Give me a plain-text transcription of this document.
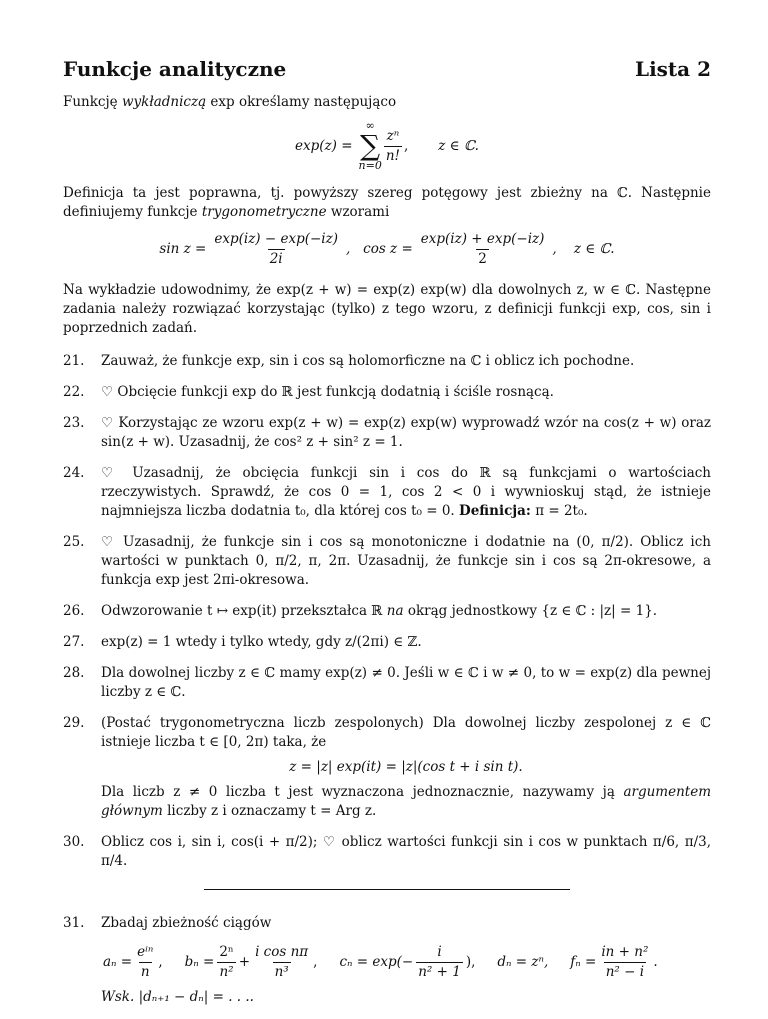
Funkcje analityczne	Lista 2

Funkcję wykładniczą exp określamy następująco

exp(z) =
∞
∑
$n=0 \frac{\text{zⁿ}}{n!}$ , z ∈ ℂ.

Definicja ta jest poprawna, tj. powyższy szereg potęgowy jest zbieżny na ℂ. Następnie definiujemy funkcje trygonometryczne wzorami

$\sin z = \frac{\exp(iz) - \exp(-iz)}{2i}$ ,   $\cos z = \frac{\exp(iz) + \exp(-iz)}{2}$ ,    z ∈ ℂ.

Na wykładzie udowodnimy, że exp(z + w) = exp(z) exp(w) dla dowolnych z, w ∈ ℂ. Następne zadania należy rozwiązać korzystając (tylko) z tego wzoru, z definicji funkcji exp, cos, sin i poprzednich zadań.

21.	Zauważ, że funkcje exp, sin i cos są holomorficzne na ℂ i oblicz ich pochodne.
22.	♡ Obcięcie funkcji exp do ℝ jest funkcją dodatnią i ściśle rosnącą.
23.	♡ Korzystając ze wzoru exp(z + w) = exp(z) exp(w) wyprowadź wzór na cos(z + w) oraz sin(z + w). Uzasadnij, że cos² z + sin² z = 1.
24.	♡ Uzasadnij, że obcięcia funkcji sin i cos do ℝ są funkcjami o wartościach rzeczywistych. Sprawdź, że cos 0 = 1, cos 2 < 0 i wywnioskuj stąd, że istnieje najmniejsza liczba dodatnia t₀, dla której cos t₀ = 0. Definicja: π = 2t₀.
25.	♡ Uzasadnij, że funkcje sin i cos są monotoniczne i dodatnie na (0, π/2). Oblicz ich wartości w punktach 0, π/2, π, 2π. Uzasadnij, że funkcje sin i cos są 2π-okresowe, a funkcja exp jest 2πi-okresowa.
26.	Odwzorowanie t ↦ exp(it) przekształca ℝ na okrąg jednostkowy {z ∈ ℂ : |z| = 1}.
27.	exp(z) = 1 wtedy i tylko wtedy, gdy z/(2πi) ∈ ℤ.
28.	Dla dowolnej liczby z ∈ ℂ mamy exp(z) ≠ 0. Jeśli w ∈ ℂ i w ≠ 0, to w = exp(z) dla pewnej liczby z ∈ ℂ.
29.	(Postać trygonometryczna liczb zespolonych) Dla dowolnej liczby zespolonej z ∈ ℂ istnieje liczba t ∈ [0, 2π) taka, że
z = |z| exp(it) = |z|(cos t + i sin t).
Dla liczb z ≠ 0 liczba t jest wyznaczona jednoznacznie, nazywamy ją argumentem głównym liczby z i oznaczamy t = Arg z.
30.	Oblicz cos i, sin i, cos(i + π/2); ♡ oblicz wartości funkcji sin i cos w punktach π/6, π/3, π/4.
31.	Zbadaj zbieżność ciągów
$a_n = \frac{\text{eⁱⁿ}}{n}$ , $b_n = \frac{\text{2ⁿ}}{\text{n²}} + \frac{\text{i cos nπ}}{\text{n³}}$ , $c_n = \exp(- \frac{i}{\text{n² + 1}}$ ), dₙ = zⁿ, $f_n = \frac{\text{in + n²}}{\text{n² − i}}$ .
Wsk. |dₙ₊₁ − dₙ| = . . ..
